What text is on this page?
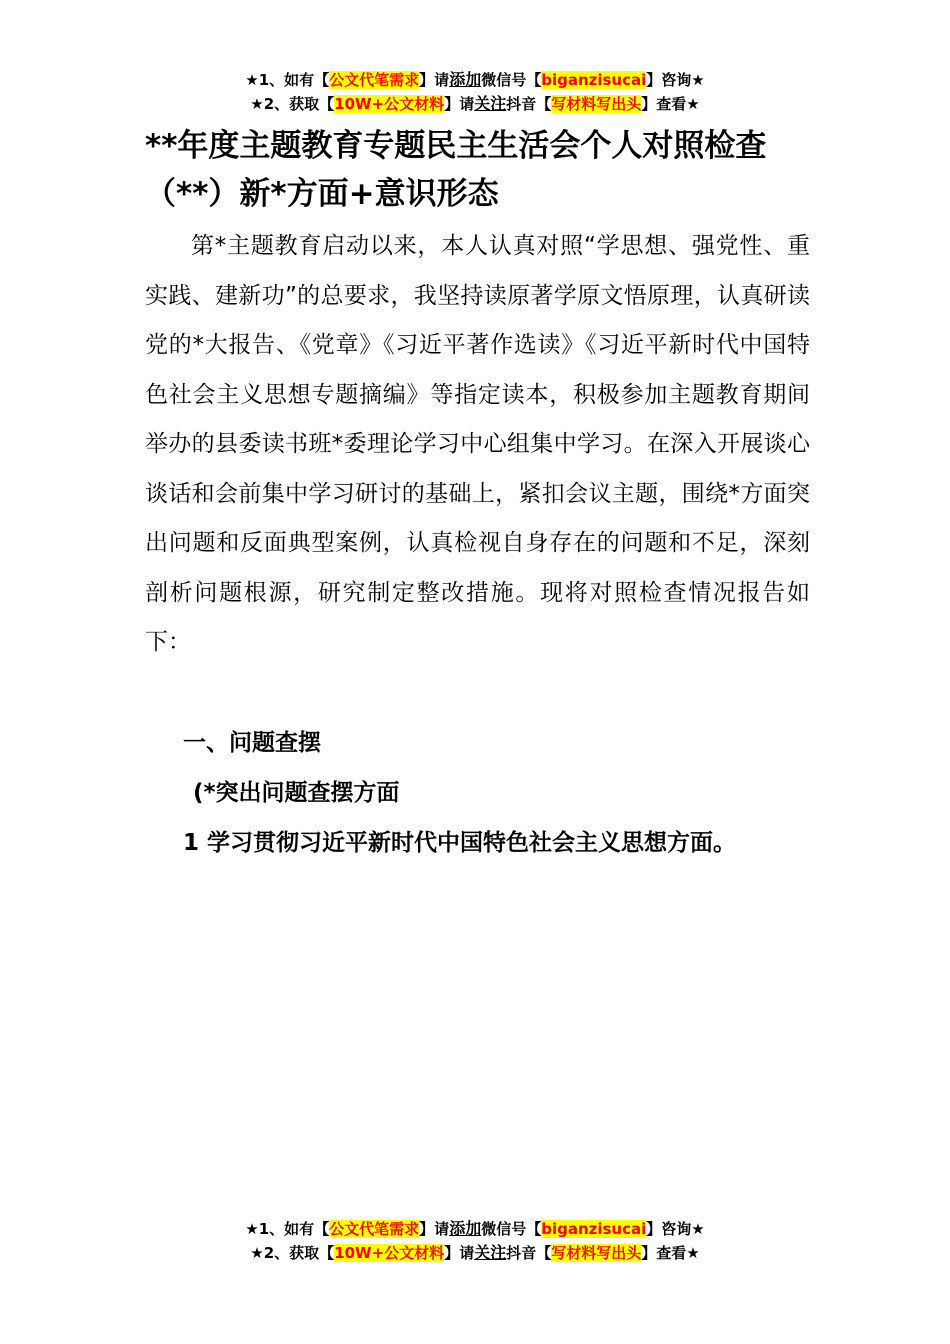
★1、如有【公文代笔需求】请添加微信号【biganzisucai】咨询★
★2、获取【10W+公文材料】请关注抖音【写材料写出头】查看★
**年度主题教育专题民主生活会个人对照检查（**）新*方面+意识形态

第*主题教育启动以来，本人认真对照“学思想、强党性、重实践、建新功”的总要求，我坚持读原著学原文悟原理，认真研读党的*大报告、《党章》《习近平著作选读》《习近平新时代中国特色社会主义思想专题摘编》等指定读本，积极参加主题教育期间举办的县委读书班*委理论学习中心组集中学习。在深入开展谈心谈话和会前集中学习研讨的基础上，紧扣会议主题，围绕*方面突出问题和反面典型案例，认真检视自身存在的问题和不足，深刻剖析问题根源，研究制定整改措施。现将对照检查情况报告如下：

一、问题查摆

(*突出问题查摆方面

1 学习贯彻习近平新时代中国特色社会主义思想方面。

★1、如有【公文代笔需求】请添加微信号【biganzisucai】咨询★
★2、获取【10W+公文材料】请关注抖音【写材料写出头】查看★
